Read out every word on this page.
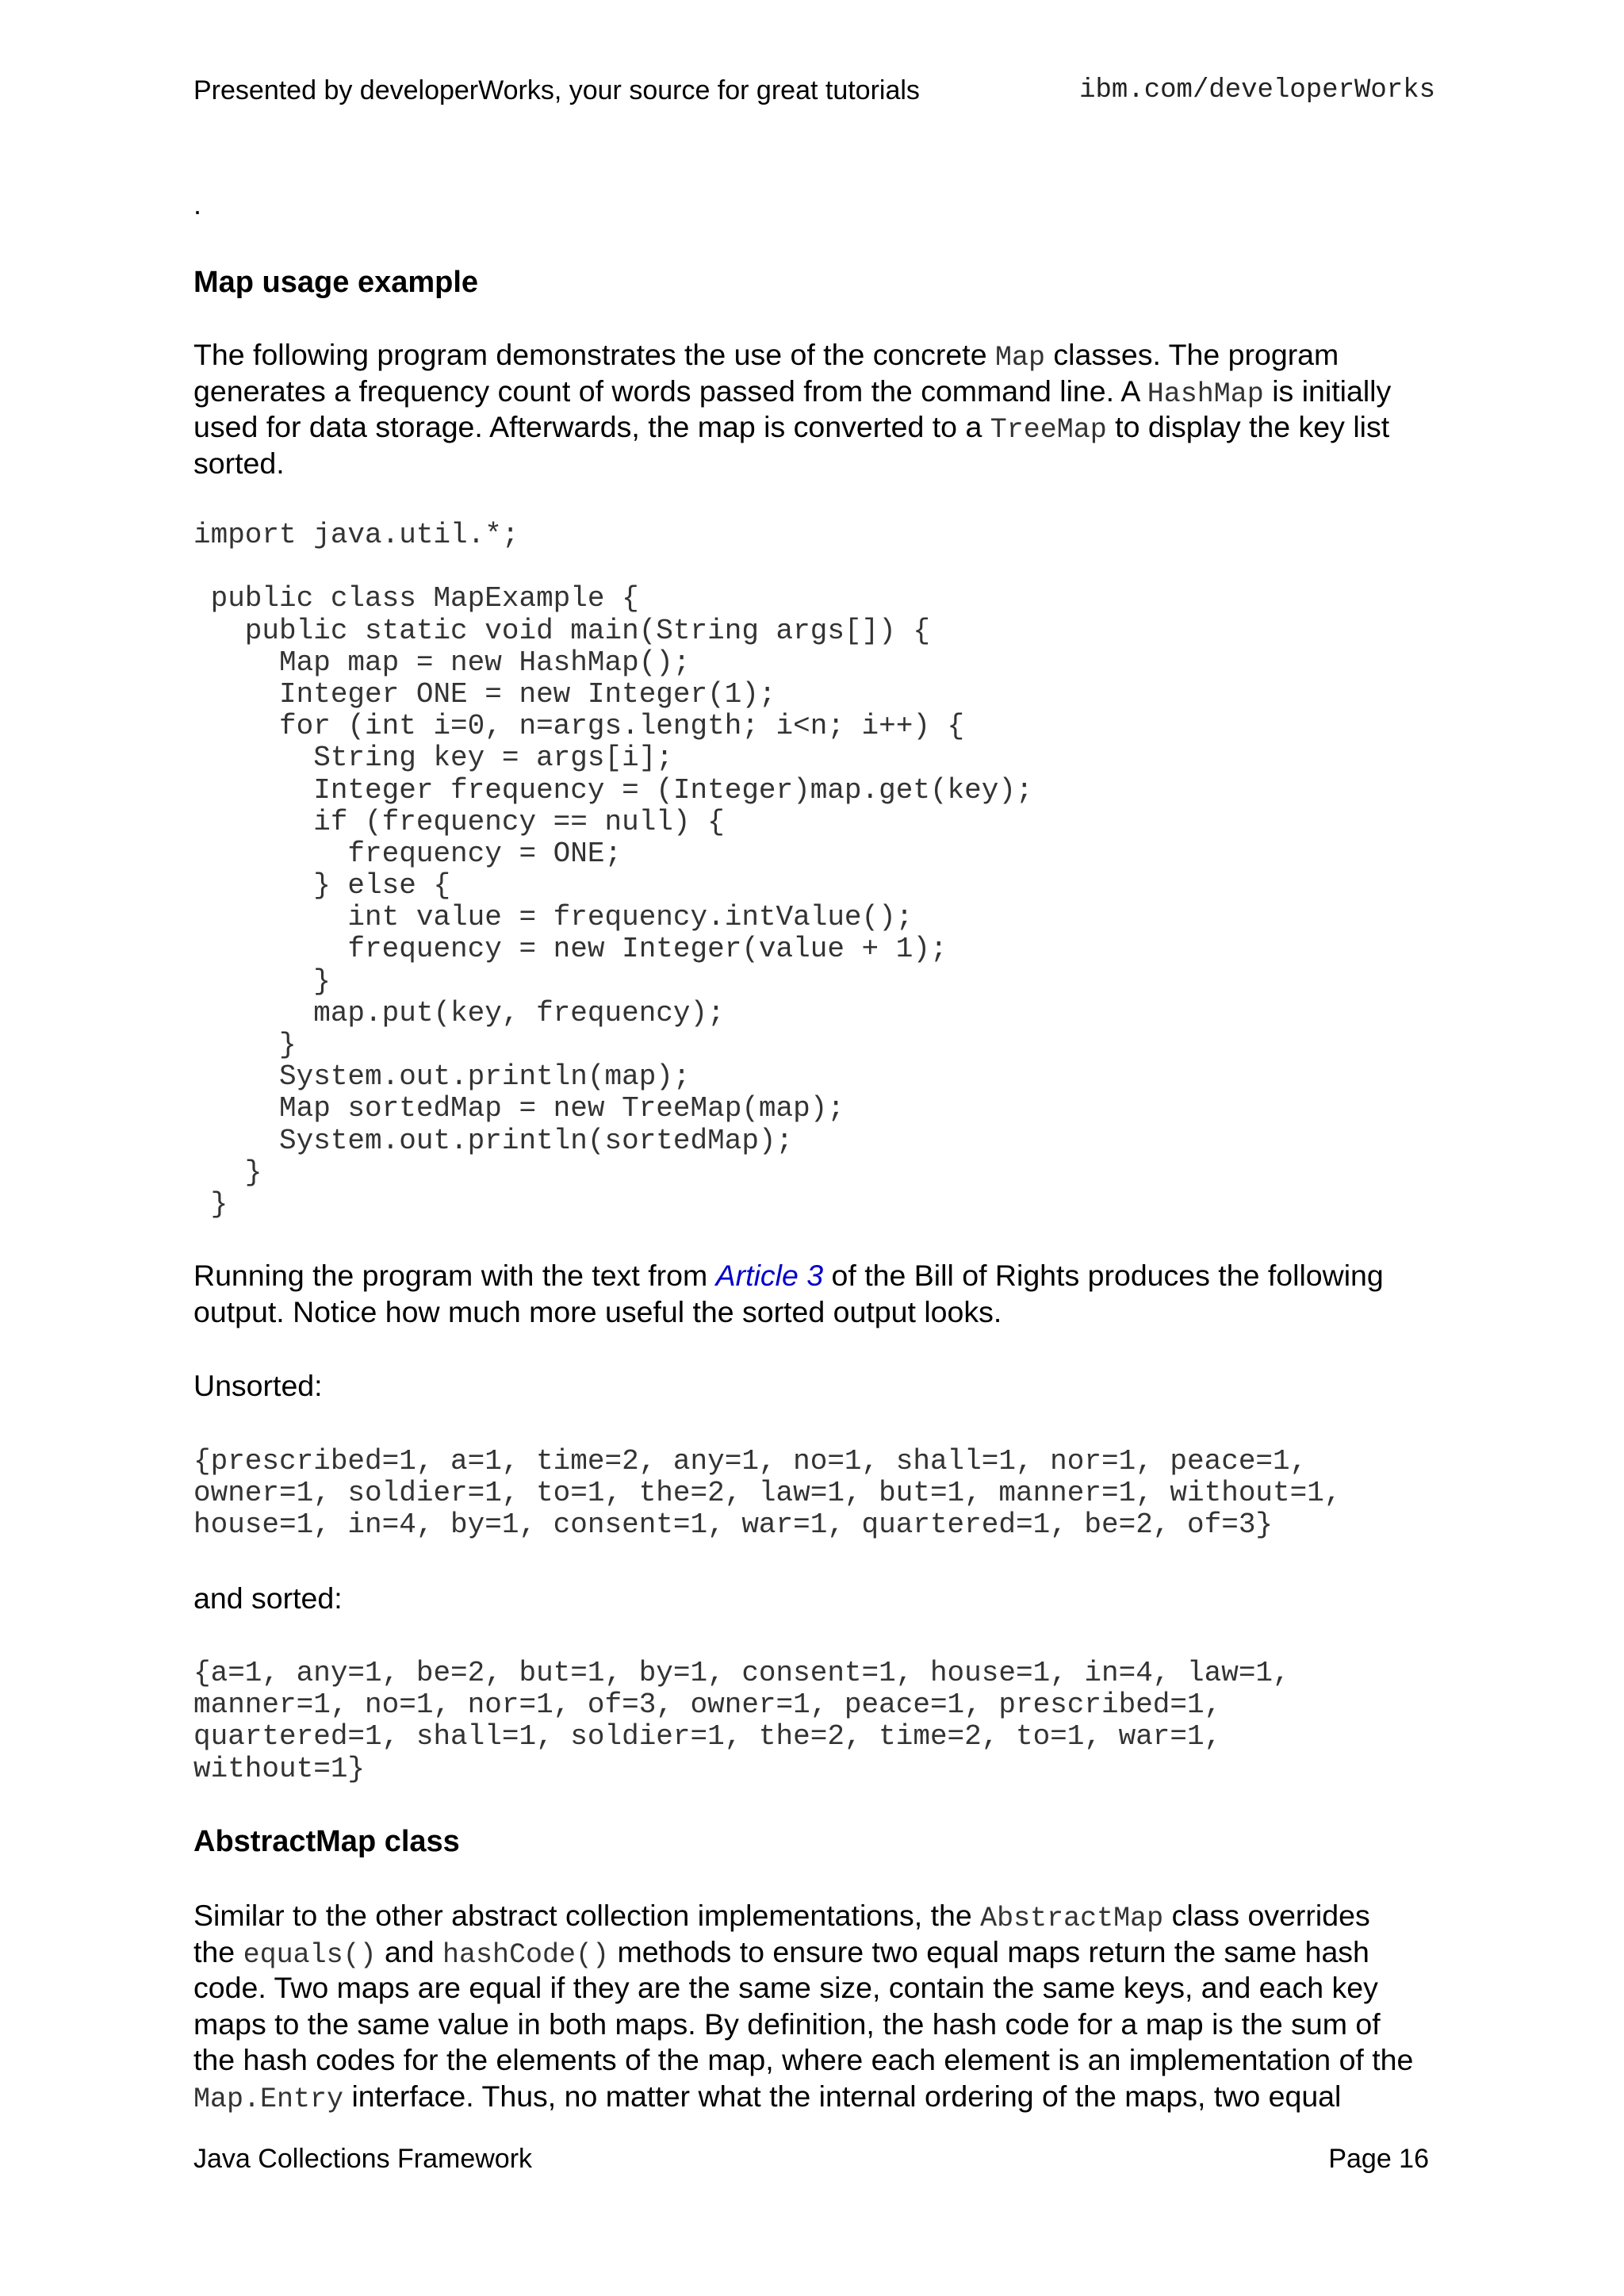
Presented by developerWorks, your source for great tutorials	ibm.com/developerWorks
.
Map usage example
The following program demonstrates the use of the concrete Map classes. The program
generates a frequency count of words passed from the command line. A HashMap is initially
used for data storage. Afterwards, the map is converted to a TreeMap to display the key list
sorted.
import java.util.*;

public class MapExample {
public static void main(String args[]) {
Map map = new HashMap();
Integer ONE = new Integer(1);
for (int i=0, n=args.length; i<n; i++) {
String key = args[i];
Integer frequency = (Integer)map.get(key);
if (frequency == null) {
frequency = ONE;
} else {
int value = frequency.intValue();
frequency = new Integer(value + 1);
}
map.put(key, frequency);
}
System.out.println(map);
Map sortedMap = new TreeMap(map);
System.out.println(sortedMap);
}
}
Running the program with the text from Article 3 of the Bill of Rights produces the following
output. Notice how much more useful the sorted output looks.
Unsorted:
{prescribed=1, a=1, time=2, any=1, no=1, shall=1, nor=1, peace=1,
owner=1, soldier=1, to=1, the=2, law=1, but=1, manner=1, without=1,
house=1, in=4, by=1, consent=1, war=1, quartered=1, be=2, of=3}
and sorted:
{a=1, any=1, be=2, but=1, by=1, consent=1, house=1, in=4, law=1,
manner=1, no=1, nor=1, of=3, owner=1, peace=1, prescribed=1,
quartered=1, shall=1, soldier=1, the=2, time=2, to=1, war=1,
without=1}
AbstractMap class
Similar to the other abstract collection implementations, the AbstractMap class overrides
the equals() and hashCode() methods to ensure two equal maps return the same hash
code. Two maps are equal if they are the same size, contain the same keys, and each key
maps to the same value in both maps. By definition, the hash code for a map is the sum of
the hash codes for the elements of the map, where each element is an implementation of the
Map.Entry interface. Thus, no matter what the internal ordering of the maps, two equal
Java Collections Framework	Page 16
